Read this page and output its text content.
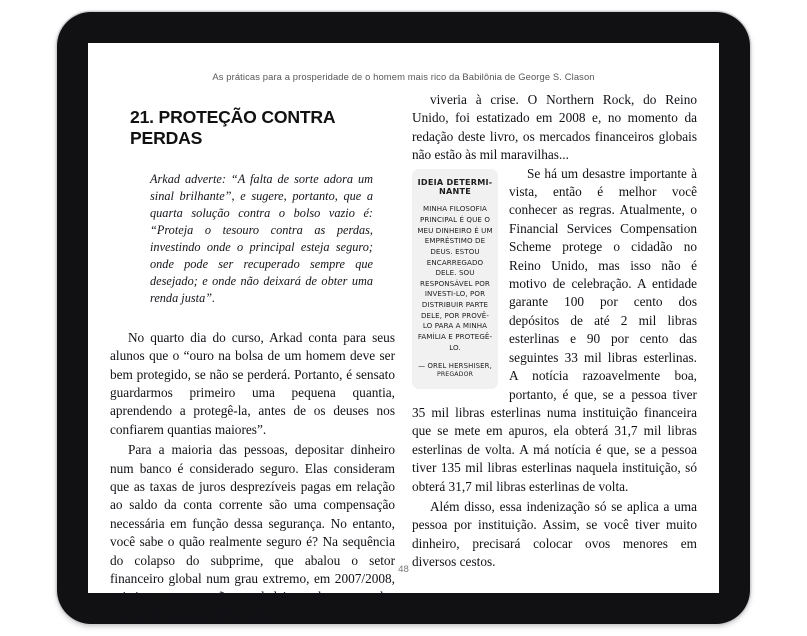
As práticas para a prosperidade de o homem mais rico da Babilônia de George S. Clason
21. PROTEÇÃO CONTRA PERDAS
Arkad adverte: “A falta de sorte adora um sinal brilhante”, e sugere, portanto, que a quarta solução contra o bolso vazio é: “Proteja o tesouro contra as perdas, investindo onde o principal esteja seguro; onde pode ser recuperado sempre que desejado; e onde não deixará de obter uma renda justa”.

No quarto dia do curso, Arkad conta para seus alunos que o “ouro na bolsa de um homem deve ser bem protegido, se não se perderá. Portanto, é sensato guardarmos primeiro uma pequena quantia, aprendendo a protegê-la, antes de os deuses nos confiarem quantias maiores”.

Para a maioria das pessoas, depositar dinheiro num banco é considerado seguro. Elas consideram que as taxas de juros desprezíveis pagas em relação ao saldo da conta corrente são uma compensação necessária em função dessa segurança. No entanto, você sabe o quão realmente seguro é? Na sequência do colapso do subprime, que abalou o setor financeiro global num grau extremo, em 2007/2008, existiram preocupações verdadeiras sobre se um dos bancos de primeira linha sobre-

viveria à crise. O Northern Rock, do Reino Unido, foi estatizado em 2008 e, no momento da redação deste livro, os mercados financeiros globais não estão às mil maravilhas...

IDEIA DETERMI-NANTE
MINHA FILOSOFIA PRINCIPAL É QUE O MEU DINHEIRO É UM EMPRÉSTIMO DE DEUS. ESTOU ENCARREGADO DELE. SOU RESPONSÁVEL POR INVESTI-LO, POR DISTRIBUIR PARTE DELE, POR PROVÊ-LO PARA A MINHA FAMÍLIA E PROTEGÊ-LO.
— OREL HERSHISER,
PREGADOR

Se há um desastre importante à vista, então é melhor você conhecer as regras. Atualmente, o Financial Services Compensation Scheme protege o cidadão no Reino Unido, mas isso não é motivo de celebração. A entidade garante 100 por cento dos depósitos de até 2 mil libras esterlinas e 90 por cento das seguintes 33 mil libras esterlinas. A notícia razoavelmente boa, portanto, é que, se a pessoa tiver 35 mil libras esterlinas numa instituição financeira que se mete em apuros, ela obterá 31,7 mil libras esterlinas de volta. A má notícia é que, se a pessoa tiver 135 mil libras esterlinas naquela instituição, só obterá 31,7 mil libras esterlinas de volta.

Além disso, essa indenização só se aplica a uma pessoa por instituição. Assim, se você tiver muito dinheiro, precisará colocar ovos menores em diversos cestos.

48
